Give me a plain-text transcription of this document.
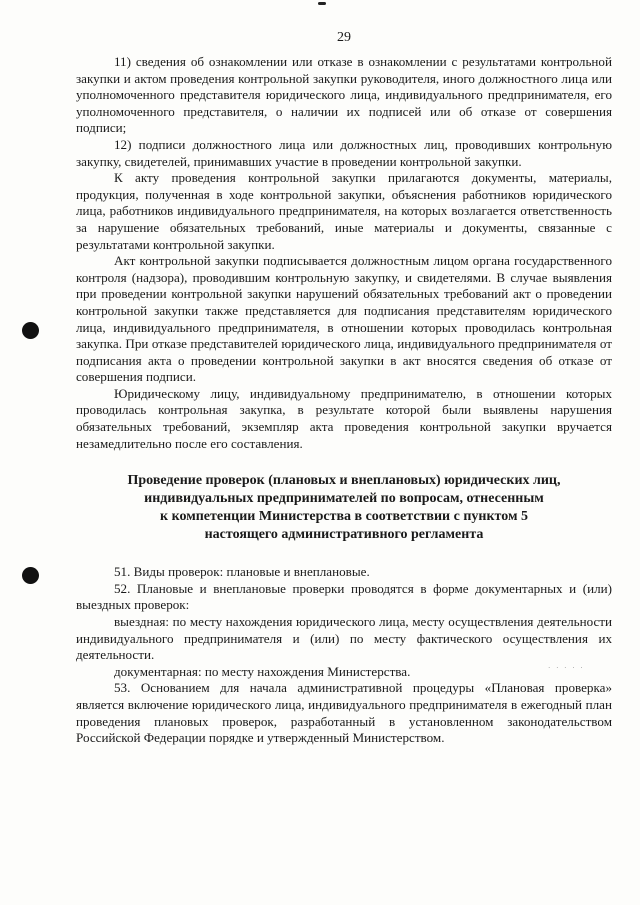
· · · · ·
29

11) сведения об ознакомлении или отказе в ознакомлении с результатами контрольной закупки и актом проведения контрольной закупки руководителя, иного должностного лица или уполномоченного представителя юридического лица, индивидуального предпринимателя, его уполномоченного представителя, о наличии их подписей или об отказе от совершения подписи;

12) подписи должностного лица или должностных лиц, проводивших контрольную закупку, свидетелей, принимавших участие в проведении контрольной закупки.

К акту проведения контрольной закупки прилагаются документы, материалы, продукция, полученная в ходе контрольной закупки, объяснения работников юридического лица, работников индивидуального предпринимателя, на которых возлагается ответственность за нарушение обязательных требований, иные материалы и документы, связанные с результатами контрольной закупки.

Акт контрольной закупки подписывается должностным лицом органа государственного контроля (надзора), проводившим контрольную закупку, и свидетелями. В случае выявления при проведении контрольной закупки нарушений обязательных требований акт о проведении контрольной закупки также представляется для подписания представителям юридического лица, индивидуального предпринимателя, в отношении которых проводилась контрольная закупка. При отказе представителей юридического лица, индивидуального предпринимателя от подписания акта о проведении контрольной закупки в акт вносятся сведения об отказе от совершения подписи.

Юридическому лицу, индивидуальному предпринимателю, в отношении которых проводилась контрольная закупка, в результате которой были выявлены нарушения обязательных требований, экземпляр акта проведения контрольной закупки вручается незамедлительно после его составления.

Проведение проверок (плановых и внеплановых) юридических лиц,
индивидуальных предпринимателей по вопросам, отнесенным
к компетенции Министерства в соответствии с пунктом 5
настоящего административного регламента

51. Виды проверок: плановые и внеплановые.

52. Плановые и внеплановые проверки проводятся в форме документарных и (или) выездных проверок:

выездная: по месту нахождения юридического лица, месту осуществления деятельности индивидуального предпринимателя и (или) по месту фактического осуществления их деятельности.

документарная: по месту нахождения Министерства.

53. Основанием для начала административной процедуры «Плановая проверка» является включение юридического лица, индивидуального предпринимателя в ежегодный план проведения плановых проверок, разработанный в установленном законодательством Российской Федерации порядке и утвержденный Министерством.
